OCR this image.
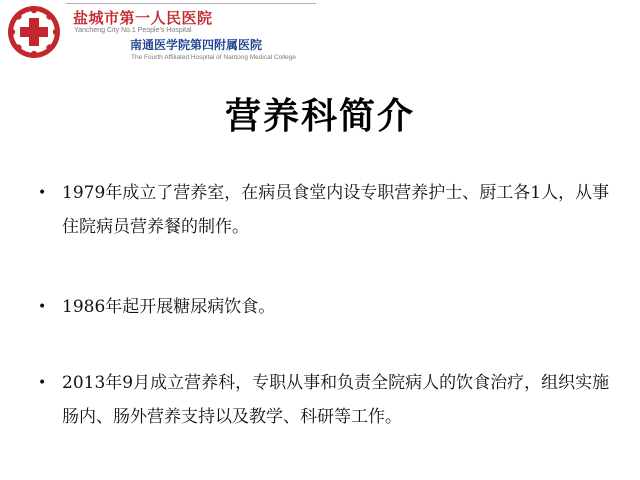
盐城市第一人民医院
Yancheng City No.1 People's Hospital
南通医学院第四附属医院
The Fourth Affiliated Hospital of Nantong Medical College
营养科简介
• 1979年成立了营养室，在病员食堂内设专职营养护士、厨工各1人，从事住院病员营养餐的制作。
• 1986年起开展糖尿病饮食。
• 2013年9月成立营养科，专职从事和负责全院病人的饮食治疗，组织实施肠内、肠外营养支持以及教学、科研等工作。
